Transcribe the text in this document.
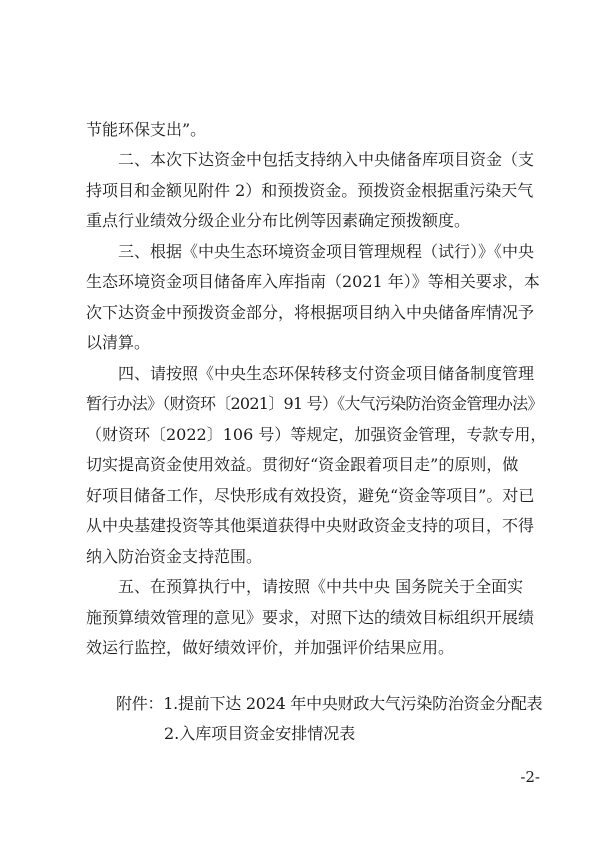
节能环保支出”。
二、本次下达资金中包括支持纳入中央储备库项目资金（支
持项目和金额见附件 2）和预拨资金。预拨资金根据重污染天气
重点行业绩效分级企业分布比例等因素确定预拨额度。
三、根据《中央生态环境资金项目管理规程（试行）》《中央
生态环境资金项目储备库入库指南（2021 年）》等相关要求，本
次下达资金中预拨资金部分，将根据项目纳入中央储备库情况予
以清算。
四、请按照《中央生态环保转移支付资金项目储备制度管理
暂行办法》（财资环〔2021〕91 号）《大气污染防治资金管理办法》
（财资环〔2022〕106 号）等规定，加强资金管理，专款专用，
切实提高资金使用效益。贯彻好“资金跟着项目走”的原则，做
好项目储备工作，尽快形成有效投资，避免“资金等项目”。对已
从中央基建投资等其他渠道获得中央财政资金支持的项目，不得
纳入防治资金支持范围。
五、在预算执行中，请按照《中共中央 国务院关于全面实
施预算绩效管理的意见》要求，对照下达的绩效目标组织开展绩
效运行监控，做好绩效评价，并加强评价结果应用。
附件：1.提前下达 2024 年中央财政大气污染防治资金分配表
2.入库项目资金安排情况表
-2-
